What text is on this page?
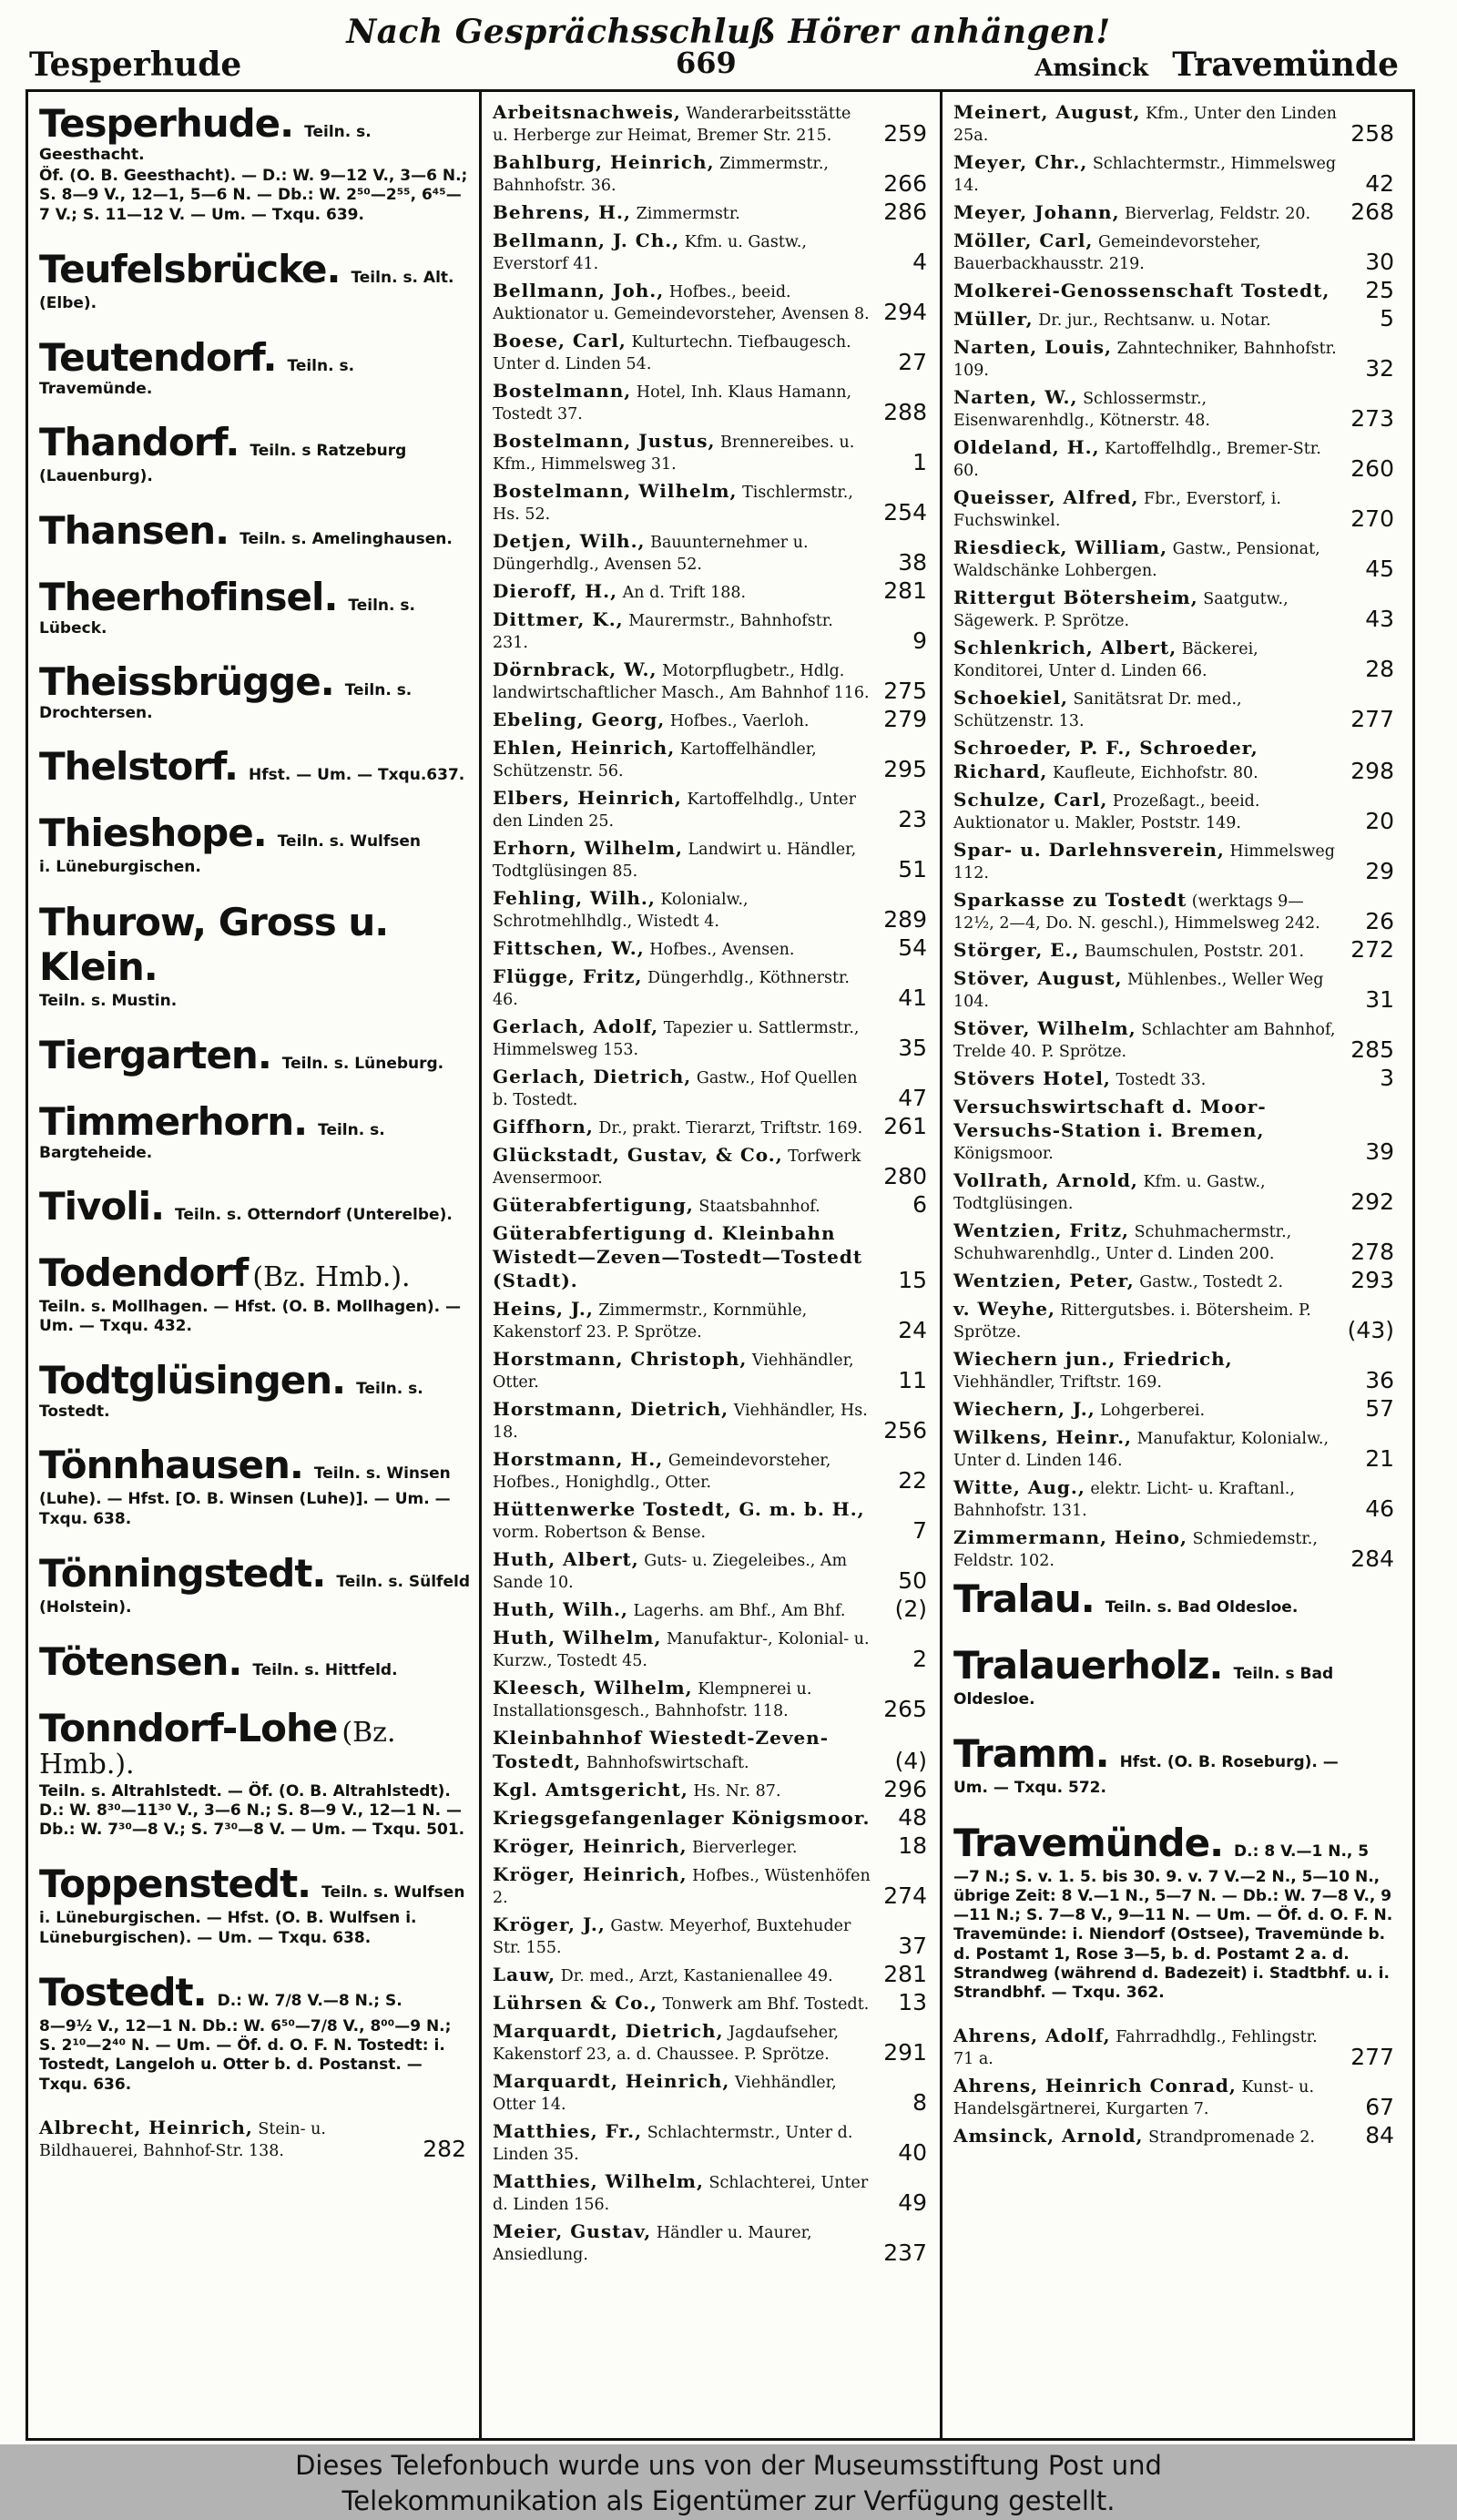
Nach Gesprächsschluß Hörer anhängen!
Tesperhude	669	Amsinck Travemünde
Tesperhude. Teiln. s. Geesthacht.
Öf. (O. B. Geesthacht). — D.: W. 9—12 V., 3—6 N.; S. 8—9 V., 12—1, 5—6 N. — Db.: W. 2⁵⁰—2⁵⁵, 6⁴⁵—7 V.; S. 11—12 V. — Um. — Txqu. 639.
Teufelsbrücke. Teiln. s. Alt.
(Elbe).
Teutendorf. Teiln. s. Travemünde.
Thandorf. Teiln. s Ratzeburg
(Lauenburg).
Thansen. Teiln. s. Amelinghausen.
Theerhofinsel. Teiln. s. Lübeck.
Theissbrügge. Teiln. s. Drochtersen.
Thelstorf. Hfst. — Um. — Txqu.637.
Thieshope. Teiln. s. Wulfsen
i. Lüneburgischen.
Thurow, Gross u. Klein.
Teiln. s. Mustin.
Tiergarten. Teiln. s. Lüneburg.
Timmerhorn. Teiln. s. Bargteheide.
Tivoli. Teiln. s. Otterndorf (Unterelbe).
Todendorf (Bz. Hmb.).
Teiln. s. Mollhagen. — Hfst. (O. B. Mollhagen). — Um. — Txqu. 432.
Todtglüsingen. Teiln. s. Tostedt.
Tönnhausen. Teiln. s. Winsen
(Luhe). — Hfst. [O. B. Winsen (Luhe)]. — Um. — Txqu. 638.
Tönningstedt. Teiln. s. Sülfeld
(Holstein).
Tötensen. Teiln. s. Hittfeld.
Tonndorf-Lohe (Bz. Hmb.).
Teiln. s. Altrahlstedt. — Öf. (O. B. Altrahlstedt). D.: W. 8³⁰—11³⁰ V., 3—6 N.; S. 8—9 V., 12—1 N. — Db.: W. 7³⁰—8 V.; S. 7³⁰—8 V. — Um. — Txqu. 501.
Toppenstedt. Teiln. s. Wulfsen
i. Lüneburgischen. — Hfst. (O. B. Wulfsen i. Lüneburgischen). — Um. — Txqu. 638.
Tostedt. D.: W. 7/8 V.—8 N.; S.
8—9½ V., 12—1 N. Db.: W. 6⁵⁰—7/8 V., 8⁰⁰—9 N.; S. 2¹⁰—2⁴⁰ N. — Um. — Öf. d. O. F. N. Tostedt: i. Tostedt, Langeloh u. Otter b. d. Postanst. — Txqu. 636.
Albrecht, Heinrich, Stein- u. Bildhauerei, Bahnhof-Str. 138.	282
Arbeitsnachweis, Wanderarbeitsstätte u. Herberge zur Heimat, Bremer Str. 215. 259
Bahlburg, Heinrich, Zimmermstr., Bahnhofstr. 36.	266
Behrens, H., Zimmermstr.	286
Bellmann, J. Ch., Kfm. u. Gastw., Everstorf 41.	4
Bellmann, Joh., Hofbes., beeid. Auktionator u. Gemeindevorsteher, Avensen 8. 294
Boese, Carl, Kulturtechn. Tiefbaugesch. Unter d. Linden 54.	27
Bostelmann, Hotel, Inh. Klaus Hamann, Tostedt 37.	288
Bostelmann, Justus, Brennereibes. u. Kfm., Himmelsweg 31.	1
Bostelmann, Wilhelm, Tischlermstr., Hs. 52.	254
Detjen, Wilh., Bauunternehmer u. Düngerhdlg., Avensen 52.	38
Dieroff, H., An d. Trift 188.	281
Dittmer, K., Maurermstr., Bahnhofstr. 231.	9
Dörnbrack, W., Motorpflugbetr., Hdlg. landwirtschaftlicher Masch., Am Bahnhof 116. 275
Ebeling, Georg, Hofbes., Vaerloh.	279
Ehlen, Heinrich, Kartoffelhändler, Schützenstr. 56.	295
Elbers, Heinrich, Kartoffelhdlg., Unter den Linden 25.	23
Erhorn, Wilhelm, Landwirt u. Händler, Todtglüsingen 85.	51
Fehling, Wilh., Kolonialw., Schrotmehlhdlg., Wistedt 4.	289
Fittschen, W., Hofbes., Avensen.	54
Flügge, Fritz, Düngerhdlg., Köthnerstr. 46.	41
Gerlach, Adolf, Tapezier u. Sattlermstr., Himmelsweg 153.	35
Gerlach, Dietrich, Gastw., Hof Quellen b. Tostedt.	47
Giffhorn, Dr., prakt. Tierarzt, Triftstr. 169. 261
Glückstadt, Gustav, & Co., Torfwerk Avensermoor.	280
Güterabfertigung, Staatsbahnhof.	6
Güterabfertigung d. Kleinbahn Wistedt—Zeven—Tostedt—Tostedt (Stadt).	15
Heins, J., Zimmermstr., Kornmühle, Kakenstorf 23. P. Sprötze.	24
Horstmann, Christoph, Viehhändler, Otter.	11
Horstmann, Dietrich, Viehhändler, Hs. 18.	256
Horstmann, H., Gemeindevorsteher, Hofbes., Honighdlg., Otter.	22
Hüttenwerke Tostedt, G. m. b. H., vorm. Robertson & Bense.	7
Huth, Albert, Guts- u. Ziegeleibes., Am Sande 10.	50
Huth, Wilh., Lagerhs. am Bhf., Am Bhf. (2)
Huth, Wilhelm, Manufaktur-, Kolonial- u. Kurzw., Tostedt 45.	2
Kleesch, Wilhelm, Klempnerei u. Installationsgesch., Bahnhofstr. 118.	265
Kleinbahnhof Wiestedt-Zeven-Tostedt, Bahnhofswirtschaft.	(4)
Kgl. Amtsgericht, Hs. Nr. 87.	296
Kriegsgefangenlager Königsmoor. 48
Kröger, Heinrich, Bierverleger.	18
Kröger, Heinrich, Hofbes., Wüstenhöfen 2.	274
Kröger, J., Gastw. Meyerhof, Buxtehuder Str. 155.	37
Lauw, Dr. med., Arzt, Kastanienallee 49. 281
Lührsen & Co., Tonwerk am Bhf. Tostedt. 13
Marquardt, Dietrich, Jagdaufseher, Kakenstorf 23, a. d. Chaussee. P. Sprötze. 291
Marquardt, Heinrich, Viehhändler, Otter 14.	8
Matthies, Fr., Schlachtermstr., Unter d. Linden 35.	40
Matthies, Wilhelm, Schlachterei, Unter d. Linden 156.	49
Meier, Gustav, Händler u. Maurer, Ansiedlung.	237
Meinert, August, Kfm., Unter den Linden 25a.	258
Meyer, Chr., Schlachtermstr., Himmelsweg 14.	42
Meyer, Johann, Bierverlag, Feldstr. 20. 268
Möller, Carl, Gemeindevorsteher, Bauerbackhausstr. 219.	30
Molkerei-Genossenschaft Tostedt, 25
Müller, Dr. jur., Rechtsanw. u. Notar.	5
Narten, Louis, Zahntechniker, Bahnhofstr. 109.	32
Narten, W., Schlossermstr., Eisenwarenhdlg., Kötnerstr. 48.	273
Oldeland, H., Kartoffelhdlg., Bremer-Str. 60.	260
Queisser, Alfred, Fbr., Everstorf, i. Fuchswinkel.	270
Riesdieck, William, Gastw., Pensionat, Waldschänke Lohbergen.	45
Rittergut Bötersheim, Saatgutw., Sägewerk. P. Sprötze.	43
Schlenkrich, Albert, Bäckerei, Konditorei, Unter d. Linden 66.	28
Schoekiel, Sanitätsrat Dr. med., Schützenstr. 13.	277
Schroeder, P. F., Schroeder, Richard, Kaufleute, Eichhofstr. 80.	298
Schulze, Carl, Prozeßagt., beeid. Auktionator u. Makler, Poststr. 149.	20
Spar- u. Darlehnsverein, Himmelsweg 112.	29
Sparkasse zu Tostedt (werktags 9—12½, 2—4, Do. N. geschl.), Himmelsweg 242. 26
Störger, E., Baumschulen, Poststr. 201. 272
Stöver, August, Mühlenbes., Weller Weg 104.	31
Stöver, Wilhelm, Schlachter am Bahnhof, Trelde 40. P. Sprötze.	285
Stövers Hotel, Tostedt 33.	3
Versuchswirtschaft d. Moor-Versuchs-Station i. Bremen, Königsmoor.	39
Vollrath, Arnold, Kfm. u. Gastw., Todtglüsingen.	292
Wentzien, Fritz, Schuhmachermstr., Schuhwarenhdlg., Unter d. Linden 200.	278
Wentzien, Peter, Gastw., Tostedt 2.	293
v. Weyhe, Rittergutsbes. i. Bötersheim. P. Sprötze.	(43)
Wiechern jun., Friedrich, Viehhändler, Triftstr. 169.	36
Wiechern, J., Lohgerberei.	57
Wilkens, Heinr., Manufaktur, Kolonialw., Unter d. Linden 146.	21
Witte, Aug., elektr. Licht- u. Kraftanl., Bahnhofstr. 131.	46
Zimmermann, Heino, Schmiedemstr., Feldstr. 102.	284
Tralau. Teiln. s. Bad Oldesloe.
Tralauerholz. Teiln. s Bad
Oldesloe.
Tramm. Hfst. (O. B. Roseburg). —
Um. — Txqu. 572.
Travemünde. D.: 8 V.—1 N., 5
—7 N.; S. v. 1. 5. bis 30. 9. v. 7 V.—2 N., 5—10 N., übrige Zeit: 8 V.—1 N., 5—7 N. — Db.: W. 7—8 V., 9—11 N.; S. 7—8 V., 9—11 N. — Um. — Öf. d. O. F. N. Travemünde: i. Niendorf (Ostsee), Travemünde b. d. Postamt 1, Rose 3—5, b. d. Postamt 2 a. d. Strandweg (während d. Badezeit) i. Stadtbhf. u. i. Strandbhf. — Txqu. 362.
Ahrens, Adolf, Fahrradhdlg., Fehlingstr. 71 a.	277
Ahrens, Heinrich Conrad, Kunst- u. Handelsgärtnerei, Kurgarten 7.	67
Amsinck, Arnold, Strandpromenade 2. 84
Dieses Telefonbuch wurde uns von der Museumsstiftung Post und
Telekommunikation als Eigentümer zur Verfügung gestellt.
